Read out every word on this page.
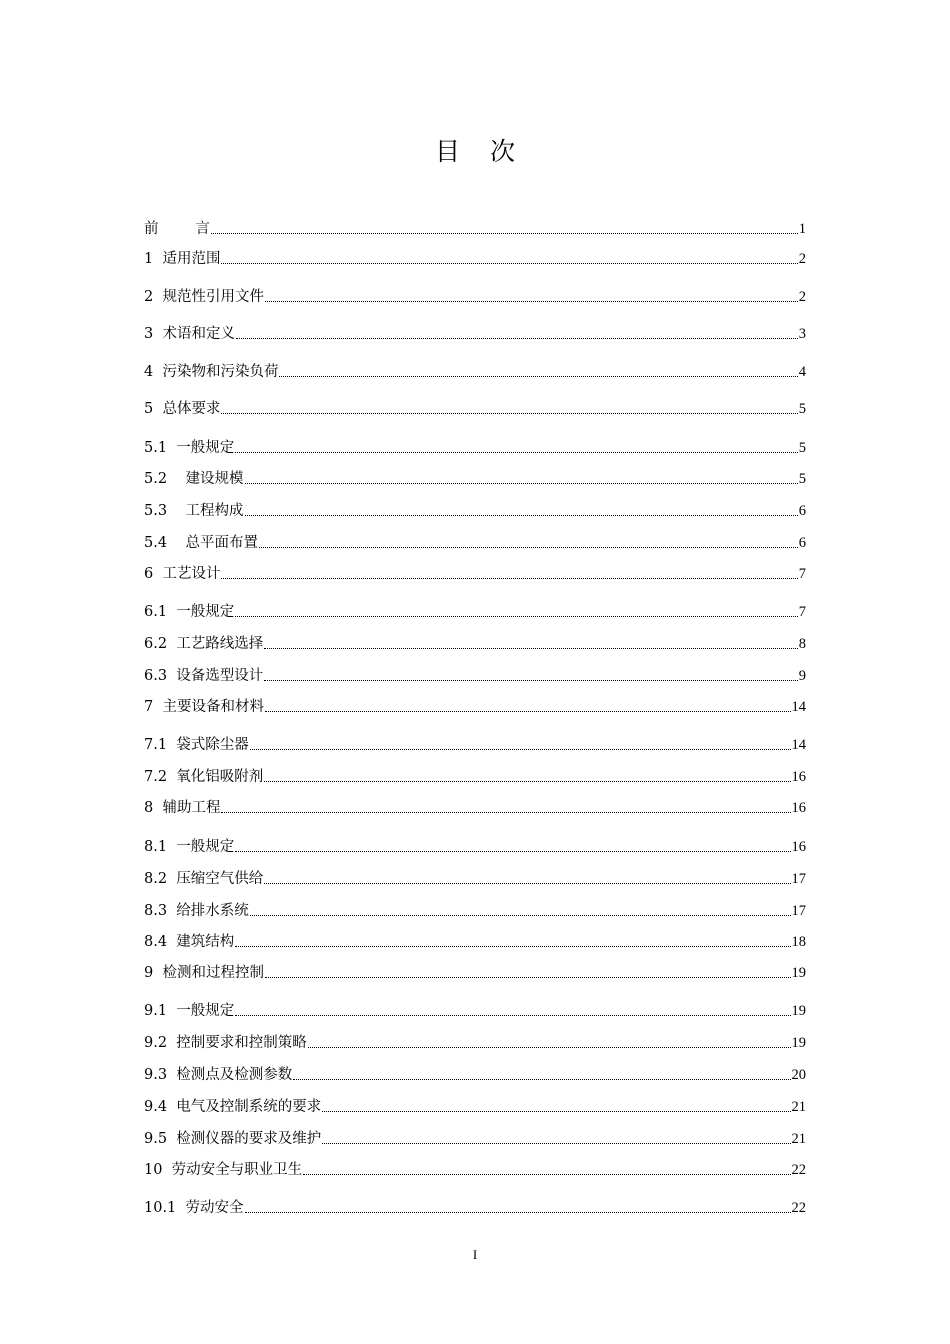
目 次
前        言	1
1  适用范围	2
2  规范性引用文件	2
3  术语和定义	3
4  污染物和污染负荷	4
5  总体要求	5
5.1  一般规定	5
5.2    建设规模	5
5.3    工程构成	6
5.4    总平面布置	6
6  工艺设计	7
6.1  一般规定	7
6.2  工艺路线选择	8
6.3  设备选型设计	9
7  主要设备和材料	14
7.1  袋式除尘器	14
7.2  氧化铝吸附剂	16
8  辅助工程	16
8.1  一般规定	16
8.2  压缩空气供给	17
8.3  给排水系统	17
8.4  建筑结构	18
9  检测和过程控制	19
9.1  一般规定	19
9.2  控制要求和控制策略	19
9.3  检测点及检测参数	20
9.4  电气及控制系统的要求	21
9.5  检测仪器的要求及维护	21
10  劳动安全与职业卫生	22
10.1  劳动安全	22
I
